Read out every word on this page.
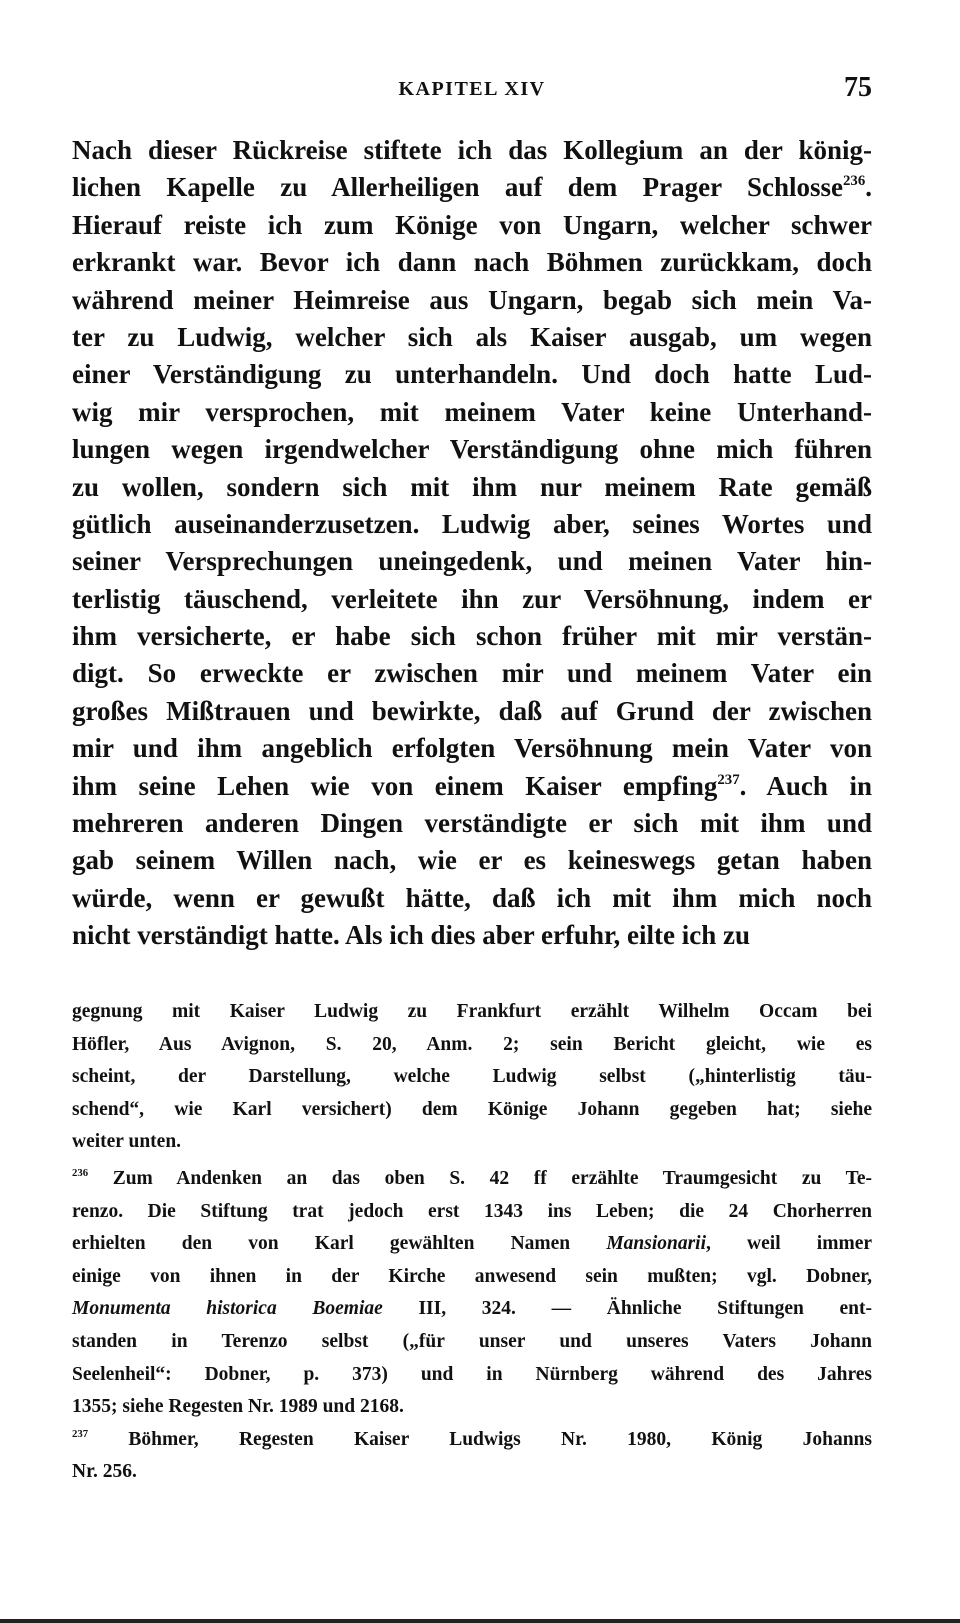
KAPITEL XIV	75
Nach dieser Rückreise stiftete ich das Kollegium an der könig-
lichen Kapelle zu Allerheiligen auf dem Prager Schlosse$^{236}$.
Hierauf reiste ich zum Könige von Ungarn, welcher schwer
erkrankt war. Bevor ich dann nach Böhmen zurückkam, doch
während meiner Heimreise aus Ungarn, begab sich mein Va-
ter zu Ludwig, welcher sich als Kaiser ausgab, um wegen
einer Verständigung zu unterhandeln. Und doch hatte Lud-
wig mir versprochen, mit meinem Vater keine Unterhand-
lungen wegen irgendwelcher Verständigung ohne mich führen
zu wollen, sondern sich mit ihm nur meinem Rate gemäß
gütlich auseinanderzusetzen. Ludwig aber, seines Wortes und
seiner Versprechungen uneingedenk, und meinen Vater hin-
terlistig täuschend, verleitete ihn zur Versöhnung, indem er
ihm versicherte, er habe sich schon früher mit mir verstän-
digt. So erweckte er zwischen mir und meinem Vater ein
großes Mißtrauen und bewirkte, daß auf Grund der zwischen
mir und ihm angeblich erfolgten Versöhnung mein Vater von
ihm seine Lehen wie von einem Kaiser empfing$^{237}$. Auch in
mehreren anderen Dingen verständigte er sich mit ihm und
gab seinem Willen nach, wie er es keineswegs getan haben
würde, wenn er gewußt hätte, daß ich mit ihm mich noch
nicht verständigt hatte. Als ich dies aber erfuhr, eilte ich zu
gegnung mit Kaiser Ludwig zu Frankfurt erzählt Wilhelm Occam bei
Höfler, Aus Avignon, S. 20, Anm. 2; sein Bericht gleicht, wie es
scheint, der Darstellung, welche Ludwig selbst („hinterlistig täu-
schend“, wie Karl versichert) dem Könige Johann gegeben hat; siehe
weiter unten.
$^{236}$ Zum Andenken an das oben S. 42 ff erzählte Traumgesicht zu Te-
renzo. Die Stiftung trat jedoch erst 1343 ins Leben; die 24 Chorherren
erhielten den von Karl gewählten Namen Mansionarii, weil immer
einige von ihnen in der Kirche anwesend sein mußten; vgl. Dobner,
Monumenta historica Boemiae III, 324. — Ähnliche Stiftungen ent-
standen in Terenzo selbst („für unser und unseres Vaters Johann
Seelenheil“: Dobner, p. 373) und in Nürnberg während des Jahres
1355; siehe Regesten Nr. 1989 und 2168.
$^{237}$ Böhmer, Regesten Kaiser Ludwigs Nr. 1980, König Johanns
Nr. 256.
